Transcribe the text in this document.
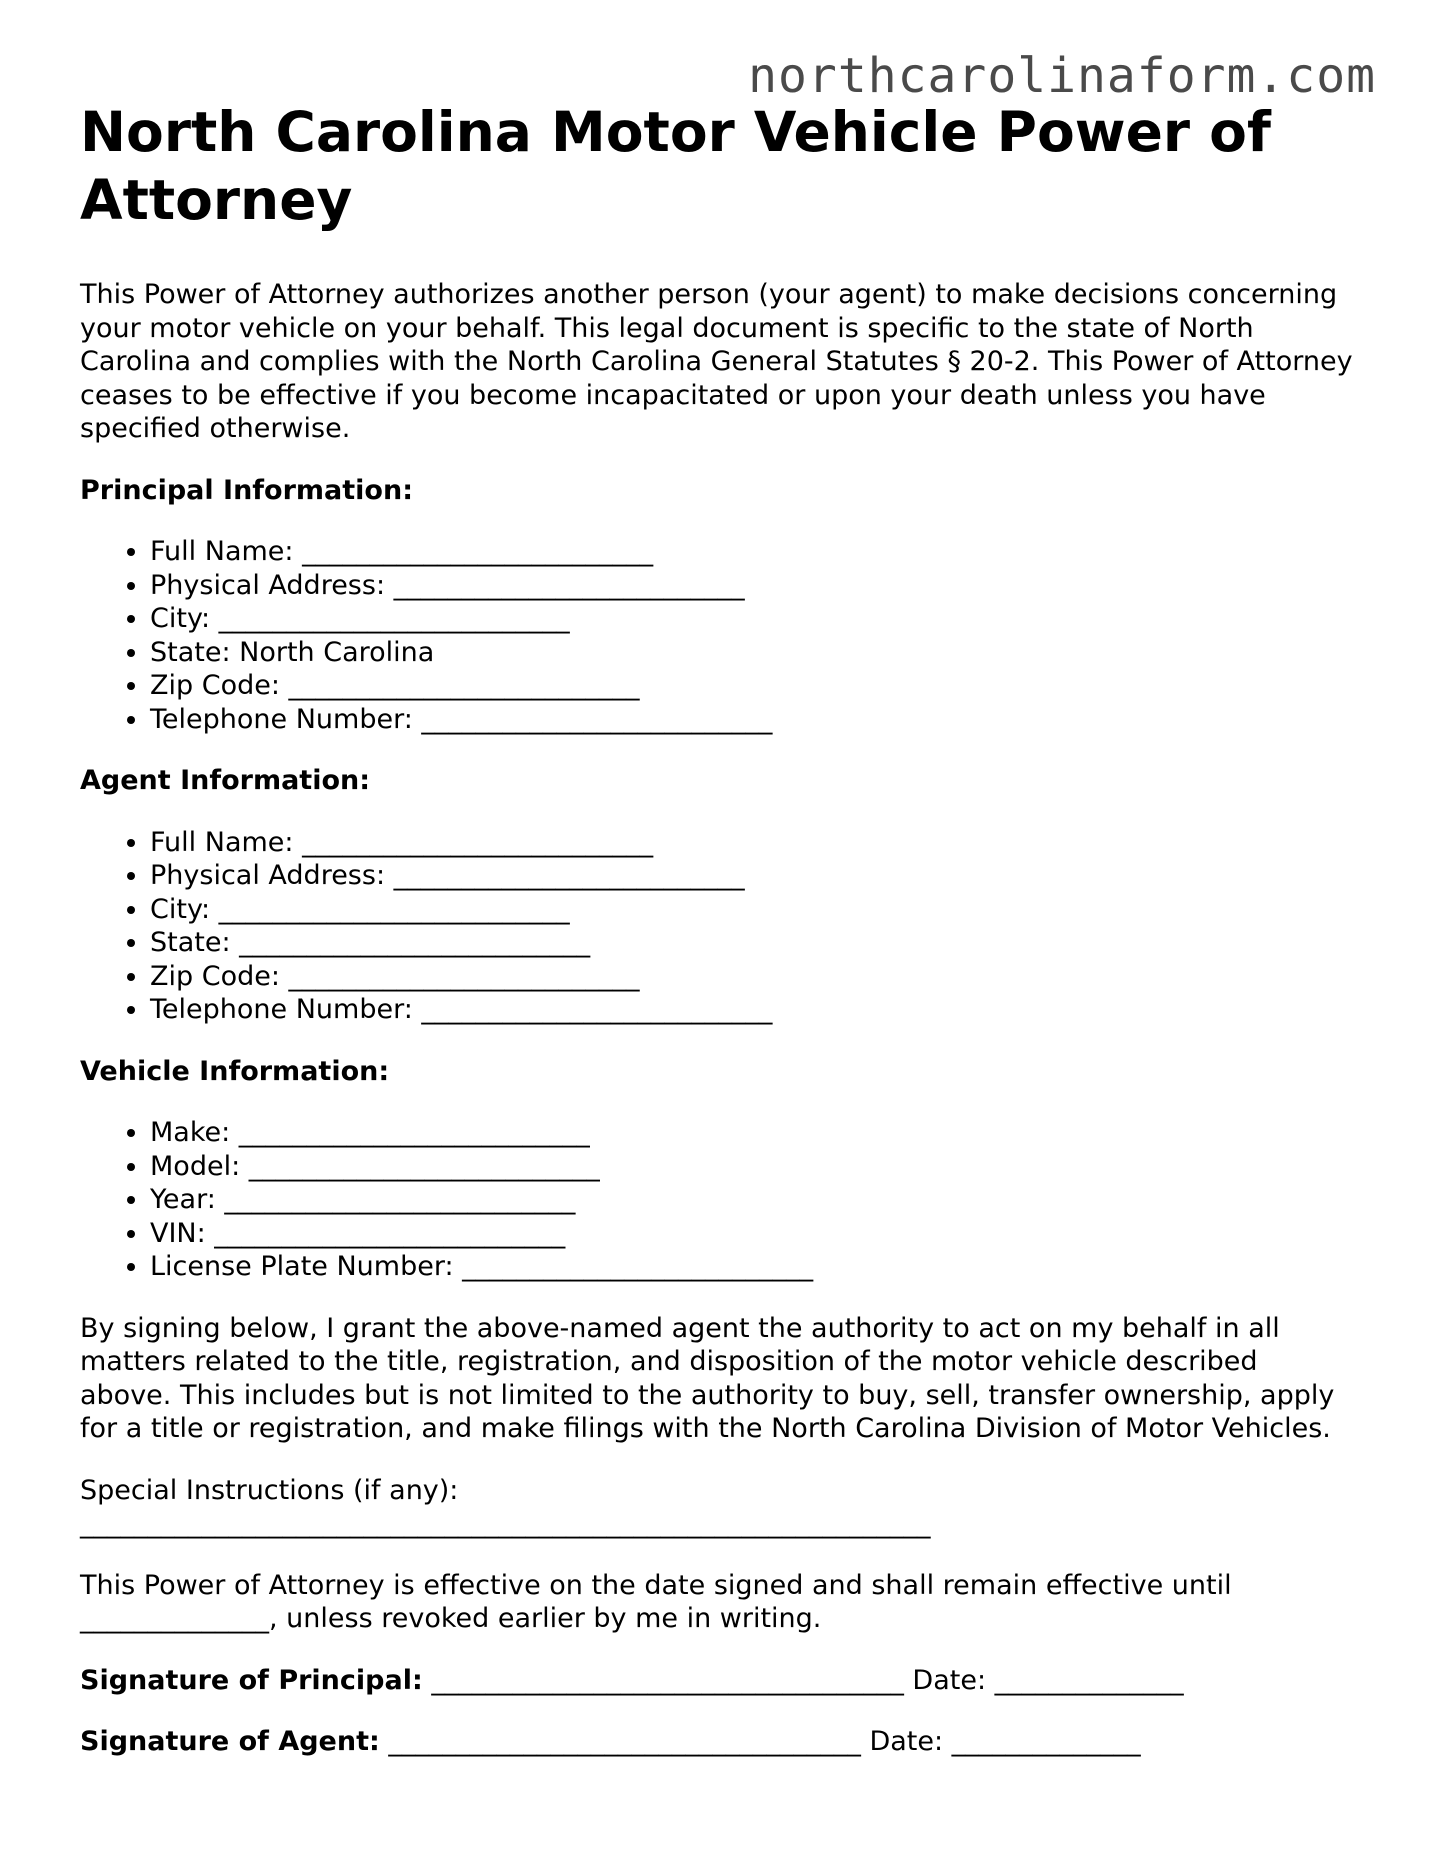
northcarolinaform.com
North Carolina Motor Vehicle Power of Attorney

This Power of Attorney authorizes another person (your agent) to make decisions concerning your motor vehicle on your behalf. This legal document is specific to the state of North Carolina and complies with the North Carolina General Statutes § 20-2. This Power of Attorney ceases to be effective if you become incapacitated or upon your death unless you have specified otherwise.

Principal Information:

• Full Name: __________________________
• Physical Address: __________________________
• City: __________________________
• State: North Carolina
• Zip Code: __________________________
• Telephone Number: __________________________

Agent Information:

• Full Name: __________________________
• Physical Address: __________________________
• City: __________________________
• State: __________________________
• Zip Code: __________________________
• Telephone Number: __________________________

Vehicle Information:

• Make: __________________________
• Model: __________________________
• Year: __________________________
• VIN: __________________________
• License Plate Number: __________________________

By signing below, I grant the above-named agent the authority to act on my behalf in all matters related to the title, registration, and disposition of the motor vehicle described above. This includes but is not limited to the authority to buy, sell, transfer ownership, apply for a title or registration, and make filings with the North Carolina Division of Motor Vehicles.

Special Instructions (if any):

_______________________________________________________________

This Power of Attorney is effective on the date signed and shall remain effective until ______________, unless revoked earlier by me in writing.

Signature of Principal: ___________________________________ Date: ______________

Signature of Agent: ___________________________________ Date: ______________
